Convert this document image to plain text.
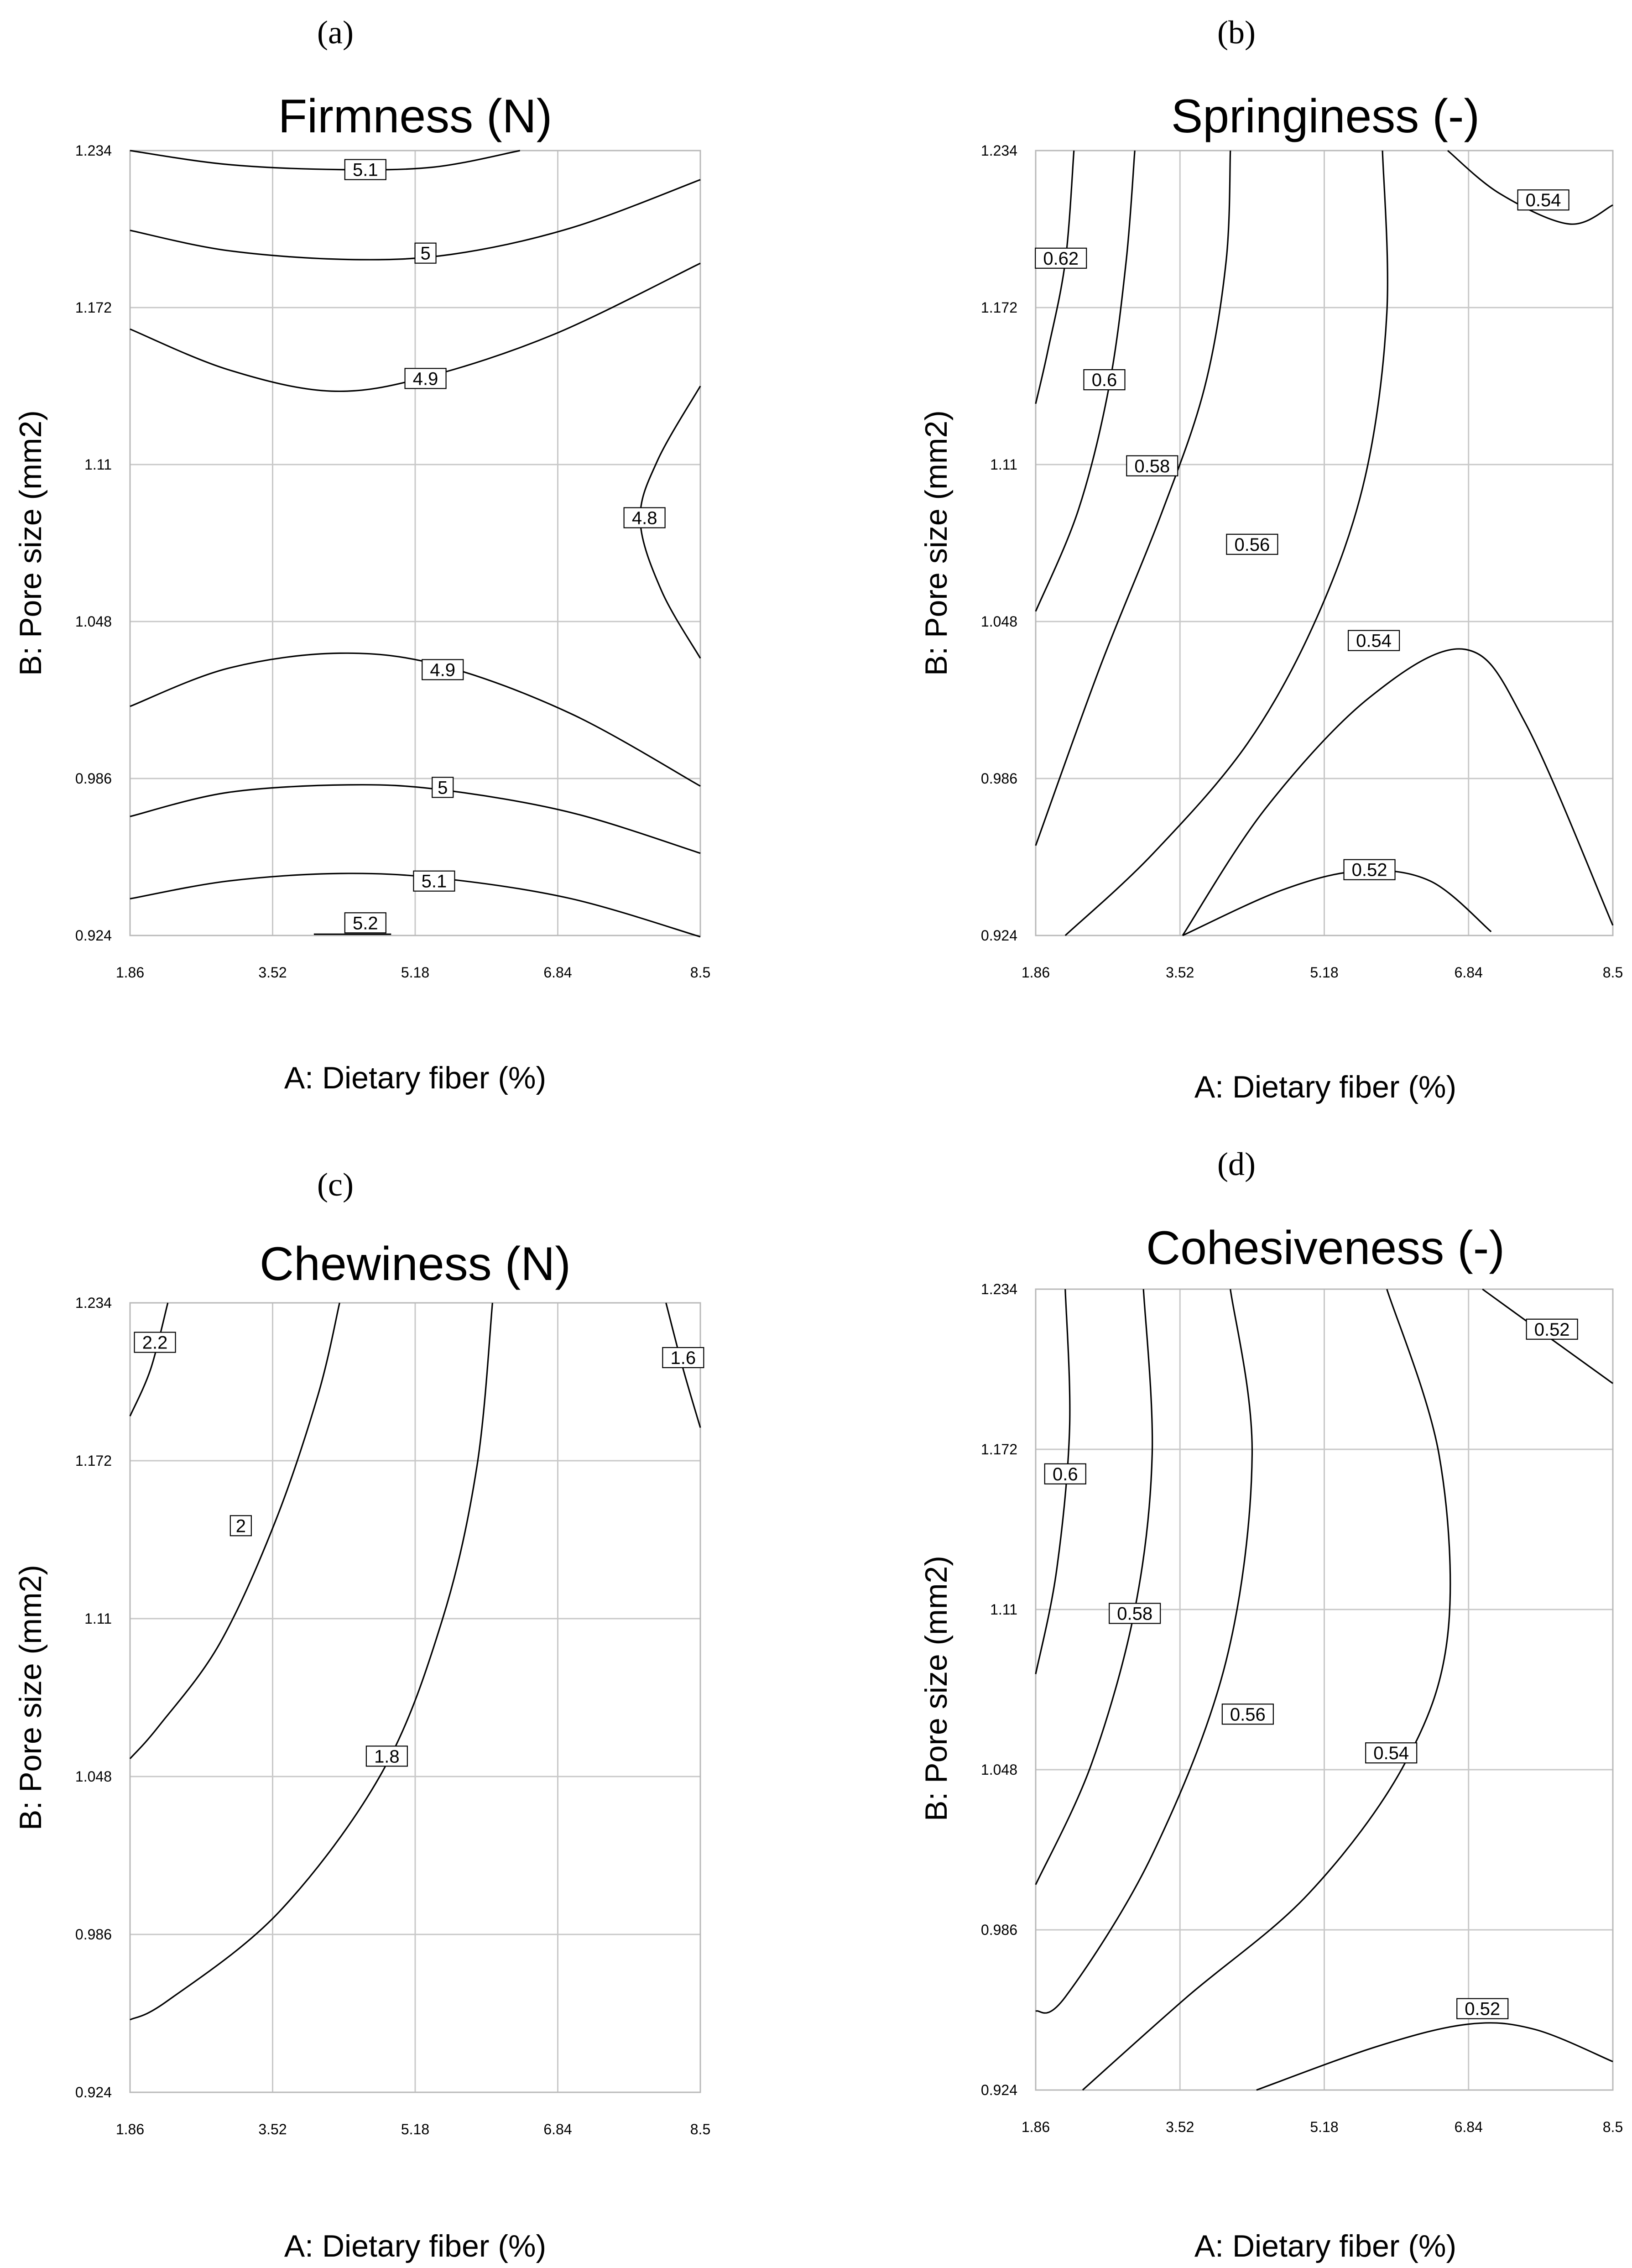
(a)
Firmness (N)
1.86	3.52	5.18	6.84	8.5
0.924
0.986
1.048
1.11
1.172
1.234
A: Dietary fiber (%)
B: Pore size (mm2)
5.1
5
4.9
4.8
4.9
5
5.1
5.2
(b)
Springiness (-)
1.86	3.52	5.18	6.84	8.5
0.924
0.986
1.048
1.11
1.172
1.234
A: Dietary fiber (%)
B: Pore size (mm2)
0.62
0.6
0.58
0.56
0.54
0.52
0.54
(c)
Chewiness (N)
1.86	3.52	5.18	6.84	8.5
0.924
0.986
1.048
1.11
1.172
1.234
A: Dietary fiber (%)
B: Pore size (mm2)
2.2
2
1.8
1.6
(d)
Cohesiveness (-)
1.86	3.52	5.18	6.84	8.5
0.924
0.986
1.048
1.11
1.172
1.234
A: Dietary fiber (%)
B: Pore size (mm2)
0.6
0.58
0.56
0.54
0.52
0.52
